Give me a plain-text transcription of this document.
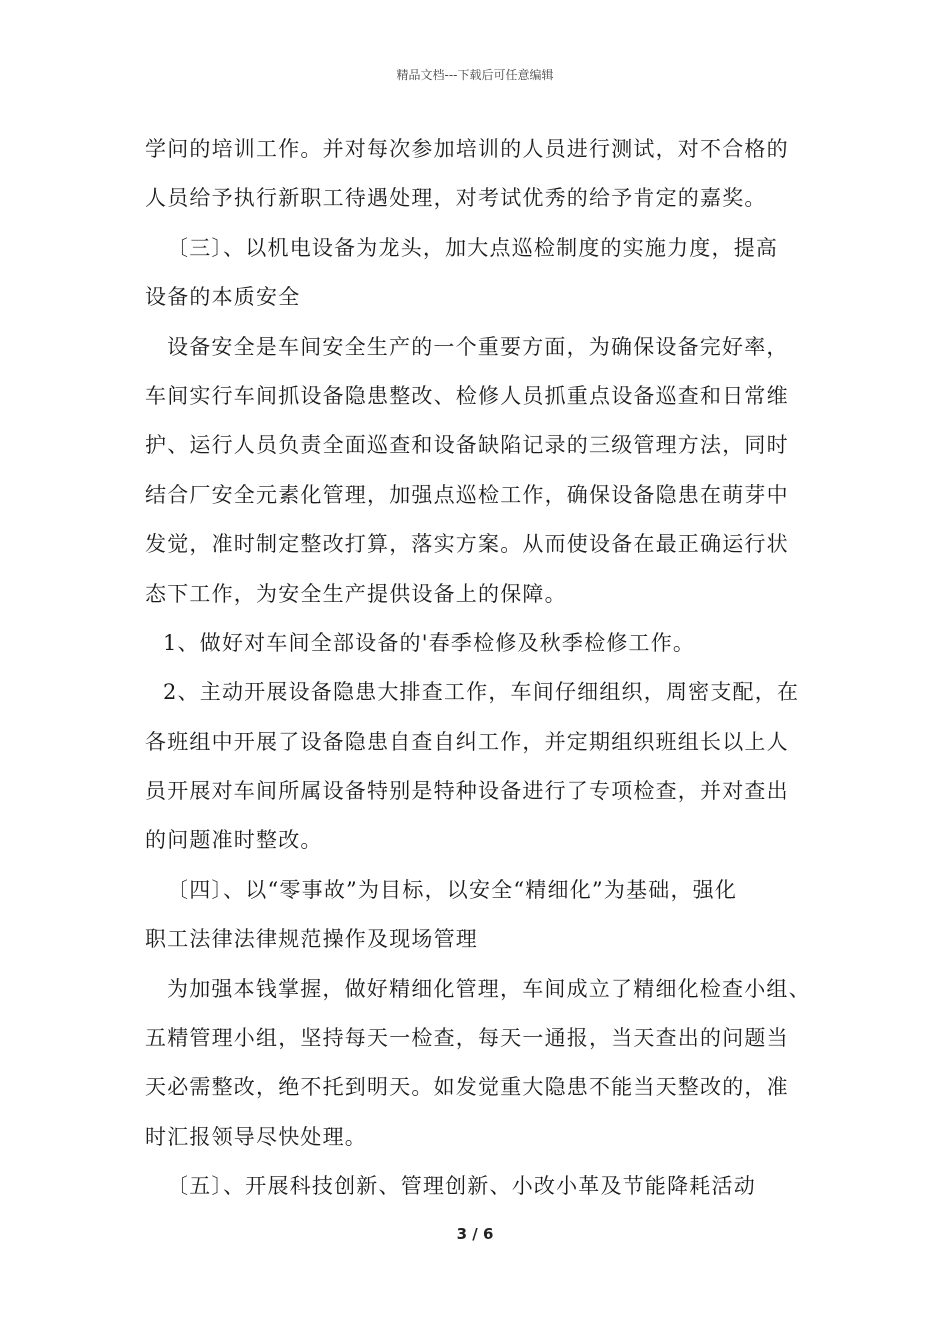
精品文档---下载后可任意编辑
学问的培训工作。并对每次参加培训的人员进行测试，对不合格的
人员给予执行新职工待遇处理，对考试优秀的给予肯定的嘉奖。
〔三〕、以机电设备为龙头，加大点巡检制度的实施力度，提高
设备的本质安全
设备安全是车间安全生产的一个重要方面，为确保设备完好率，
车间实行车间抓设备隐患整改、检修人员抓重点设备巡查和日常维
护、运行人员负责全面巡查和设备缺陷记录的三级管理方法，同时
结合厂安全元素化管理，加强点巡检工作，确保设备隐患在萌芽中
发觉，准时制定整改打算，落实方案。从而使设备在最正确运行状
态下工作，为安全生产提供设备上的保障。
1、做好对车间全部设备的'春季检修及秋季检修工作。
2、主动开展设备隐患大排查工作，车间仔细组织，周密支配，在
各班组中开展了设备隐患自查自纠工作，并定期组织班组长以上人
员开展对车间所属设备特别是特种设备进行了专项检查，并对查出
的问题准时整改。
〔四〕、以“零事故”为目标，以安全“精细化”为基础，强化
职工法律法律规范操作及现场管理
为加强本钱掌握，做好精细化管理，车间成立了精细化检查小组、
五精管理小组，坚持每天一检查，每天一通报，当天查出的问题当
天必需整改，绝不托到明天。如发觉重大隐患不能当天整改的，准
时汇报领导尽快处理。
〔五〕、开展科技创新、管理创新、小改小革及节能降耗活动
3 / 6
